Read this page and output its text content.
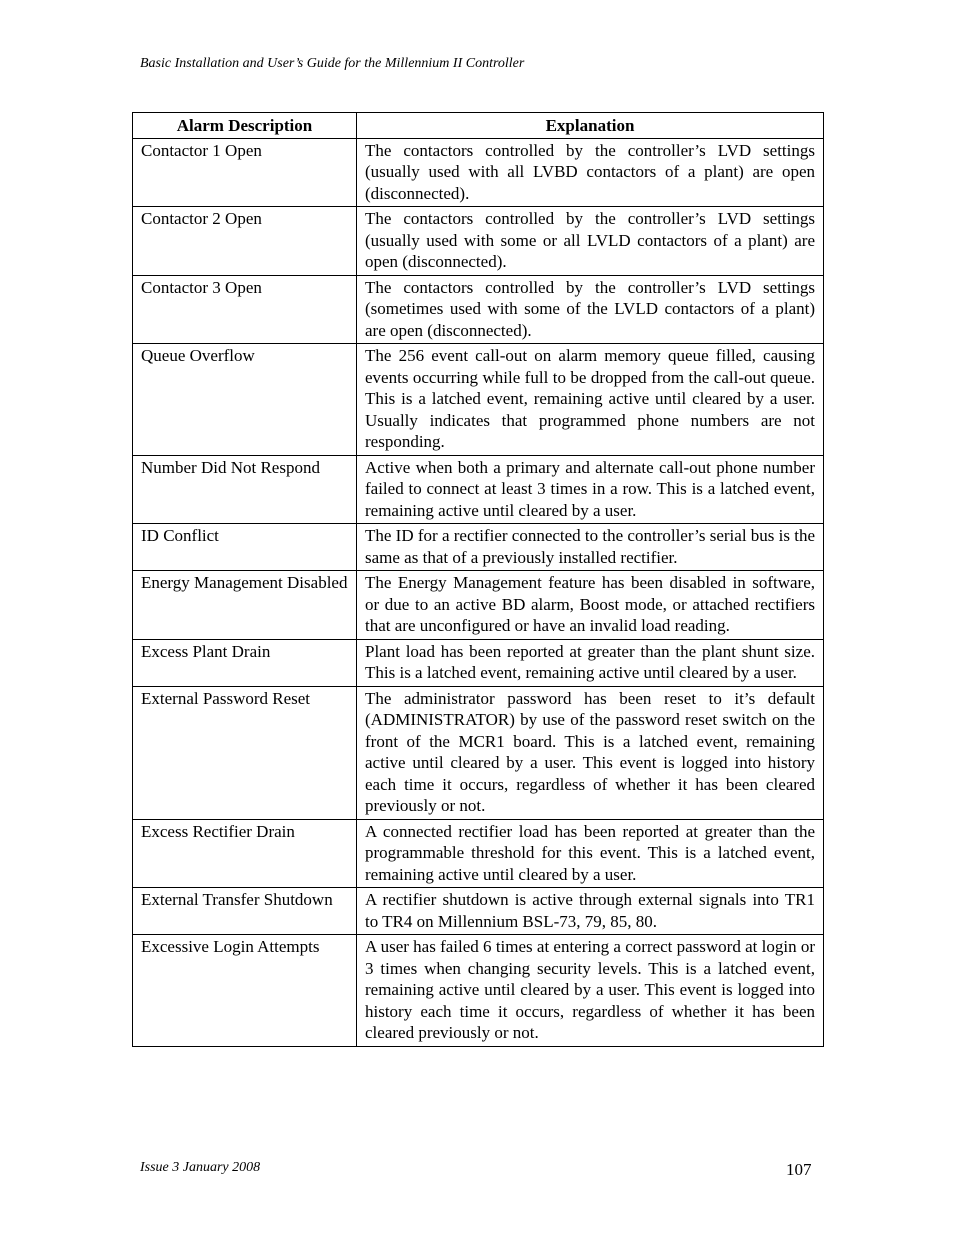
Basic Installation and User’s Guide for the Millennium II Controller
Alarm Description	Explanation
Contactor 1 Open	The contactors controlled by the controller’s LVD settings (usually used with all LVBD contactors of a plant) are open (disconnected).
Contactor 2 Open	The contactors controlled by the controller’s LVD settings (usually used with some or all LVLD contactors of a plant) are open (disconnected).
Contactor 3 Open	The contactors controlled by the controller’s LVD settings (sometimes used with some of the LVLD contactors of a plant) are open (disconnected).
Queue Overflow	The 256 event call-out on alarm memory queue filled, causing events occurring while full to be dropped from the call-out queue. This is a latched event, remaining active until cleared by a user. Usually indicates that programmed phone numbers are not responding.
Number Did Not Respond	Active when both a primary and alternate call-out phone number failed to connect at least 3 times in a row. This is a latched event, remaining active until cleared by a user.
ID Conflict	The ID for a rectifier connected to the controller’s serial bus is the same as that of a previously installed rectifier.
Energy Management Disabled	The Energy Management feature has been disabled in software, or due to an active BD alarm, Boost mode, or attached rectifiers that are unconfigured or have an invalid load reading.
Excess Plant Drain	Plant load has been reported at greater than the plant shunt size. This is a latched event, remaining active until cleared by a user.
External Password Reset	The administrator password has been reset to it’s default (ADMINISTRATOR) by use of the password reset switch on the front of the MCR1 board. This is a latched event, remaining active until cleared by a user. This event is logged into history each time it occurs, regardless of whether it has been cleared previously or not.
Excess Rectifier Drain	A connected rectifier load has been reported at greater than the programmable threshold for this event. This is a latched event, remaining active until cleared by a user.
External Transfer Shutdown	A rectifier shutdown is active through external signals into TR1 to TR4 on Millennium BSL-73, 79, 85, 80.
Excessive Login Attempts	A user has failed 6 times at entering a correct password at login or 3 times when changing security levels. This is a latched event, remaining active until cleared by a user. This event is logged into history each time it occurs, regardless of whether it has been cleared previously or not.
Issue 3 January 2008	107
